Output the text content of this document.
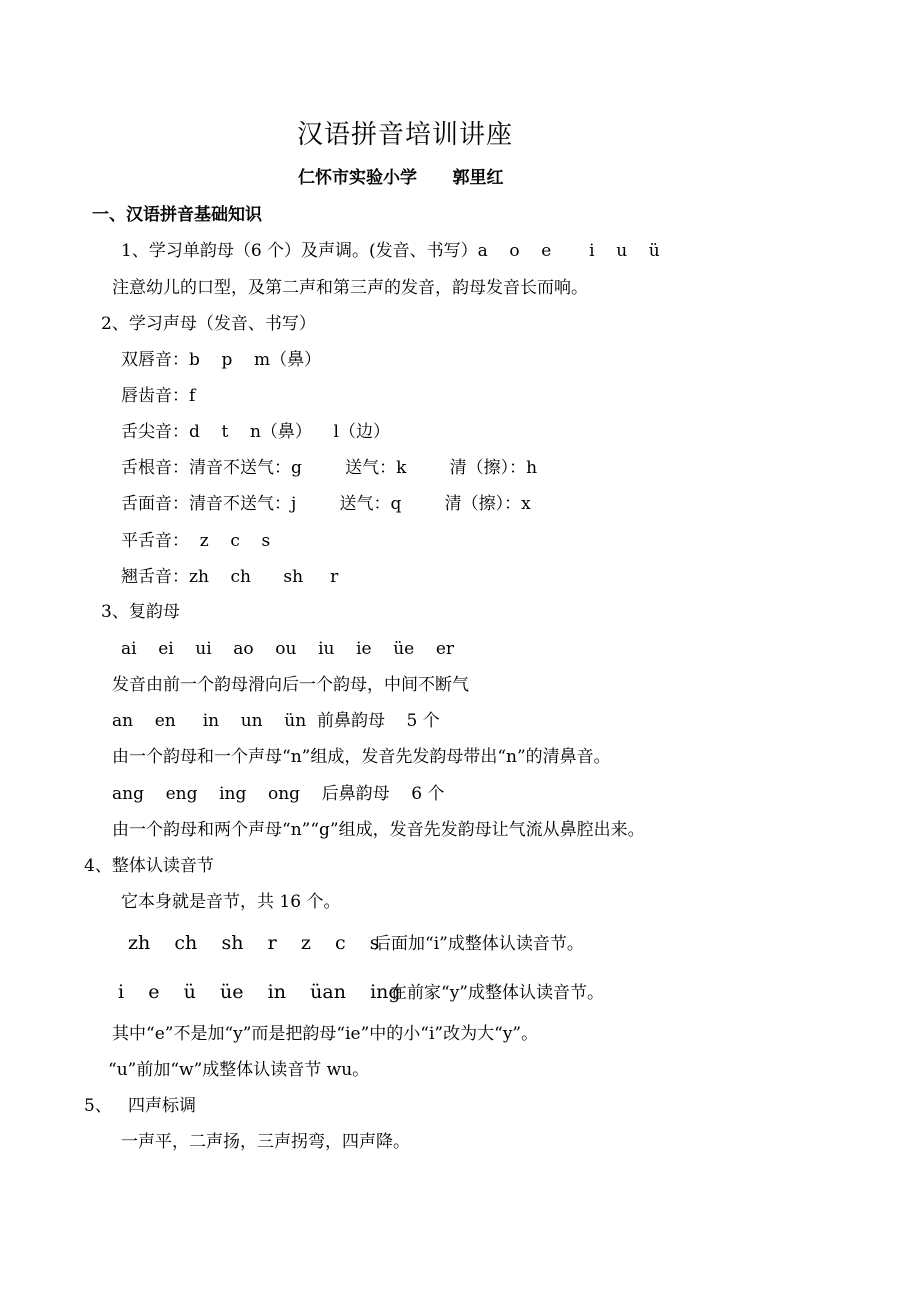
汉语拼音培训讲座
仁怀市实验小学      郭里红
一、汉语拼音基础知识
1、学习单韵母（6 个）及声调。(发音、书写）a    o    e       i    u    ü
注意幼儿的口型，及第二声和第三声的发音，韵母发音长而响。
2、学习声母（发音、书写）
双唇音：b    p    m（鼻）
唇齿音：f
舌尖音：d    t    n（鼻）    l（边）
舌根音：清音不送气：g        送气：k        清（擦）：h
舌面音：清音不送气：j        送气：q        清（擦）：x
平舌音：  z    c    s
翘舌音：zh    ch      sh     r
3、复韵母
ai    ei    ui    ao    ou    iu    ie    üe    er
发音由前一个韵母滑向后一个韵母，中间不断气
an    en     in    un    ün  前鼻韵母    5 个
由一个韵母和一个声母“n”组成，发音先发韵母带出“n”的清鼻音。
ang    eng    ing    ong    后鼻韵母    6 个
由一个韵母和两个声母“n”“g”组成，发音先发韵母让气流从鼻腔出来。
4、整体认读音节
它本身就是音节，共 16 个。
zh    ch    sh    r    z    c    s
后面加“i”成整体认读音节。
i    e    ü    üe    in    üan    ing
在前家“y”成整体认读音节。
其中“e”不是加“y”而是把韵母“ie”中的小“i”改为大“y”。
“u”前加“w”成整体认读音节 wu。
5、   四声标调
一声平，二声扬，三声拐弯，四声降。
